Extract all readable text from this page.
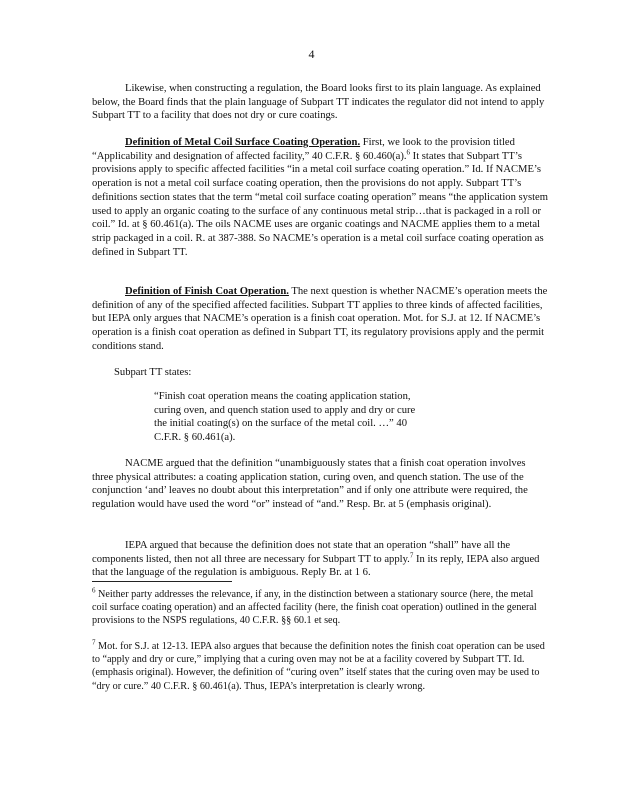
4

Likewise, when constructing a regulation, the Board looks first to its plain language. As explained below, the Board finds that the plain language of Subpart TT indicates the regulator did not intend to apply Subpart TT to a facility that does not dry or cure coatings.

Definition of Metal Coil Surface Coating Operation. First, we look to the provision titled “Applicability and designation of affected facility,” 40 C.F.R. § 60.460(a).$^6$ It states that Subpart TT’s provisions apply to specific affected facilities “in a metal coil surface coating operation.” Id. If NACME’s operation is not a metal coil surface coating operation, then the provisions do not apply. Subpart TT’s definitions section states that the term “metal coil surface coating operation” means “the application system used to apply an organic coating to the surface of any continuous metal strip…that is packaged in a roll or coil.” Id. at § 60.461(a). The oils NACME uses are organic coatings and NACME applies them to a metal strip packaged in a coil. R. at 387-388. So NACME’s operation is a metal coil surface coating operation as defined in Subpart TT.

Definition of Finish Coat Operation. The next question is whether NACME’s operation meets the definition of any of the specified affected facilities. Subpart TT applies to three kinds of affected facilities, but IEPA only argues that NACME’s operation is a finish coat operation. Mot. for S.J. at 12. If NACME’s operation is a finish coat operation as defined in Subpart TT, its regulatory provisions apply and the permit conditions stand.

Subpart TT states:

“Finish coat operation means the coating application station, curing oven, and quench station used to apply and dry or cure the initial coating(s) on the surface of the metal coil. …” 40 C.F.R. § 60.461(a).

NACME argued that the definition “unambiguously states that a finish coat operation involves three physical attributes: a coating application station, curing oven, and quench station. The use of the conjunction ‘and’ leaves no doubt about this interpretation” and if only one attribute were required, the regulation would have used the word “or” instead of “and.” Resp. Br. at 5 (emphasis original).

IEPA argued that because the definition does not state that an operation “shall” have all the components listed, then not all three are necessary for Subpart TT to apply.$^7$ In its reply, IEPA also argued that the language of the regulation is ambiguous. Reply Br. at 1 6.

$^6$ Neither party addresses the relevance, if any, in the distinction between a stationary source (here, the metal coil surface coating operation) and an affected facility (here, the finish coat operation) outlined in the general provisions to the NSPS regulations, 40 C.F.R. §§ 60.1 et seq.
$^7$ Mot. for S.J. at 12-13. IEPA also argues that because the definition notes the finish coat operation can be used to “apply and dry or cure,” implying that a curing oven may not be at a facility covered by Subpart TT. Id. (emphasis original). However, the definition of “curing oven” itself states that the curing oven may be used to “dry or cure.” 40 C.F.R. § 60.461(a). Thus, IEPA’s interpretation is clearly wrong.
